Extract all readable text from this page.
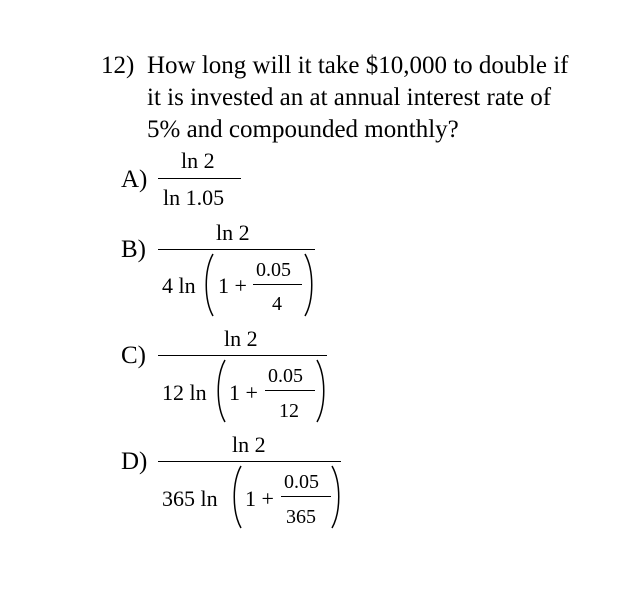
12) How long will it take $10,000 to double if
it is invested an at annual interest rate of
5% and compounded monthly?
A)
ln 2
ln 1.05
B)
ln 2
4 ln 1 +
0.05
4
C)
ln 2
12 ln 1 +
0.05
12
D)
ln 2
365 ln 1 +
0.05
365
